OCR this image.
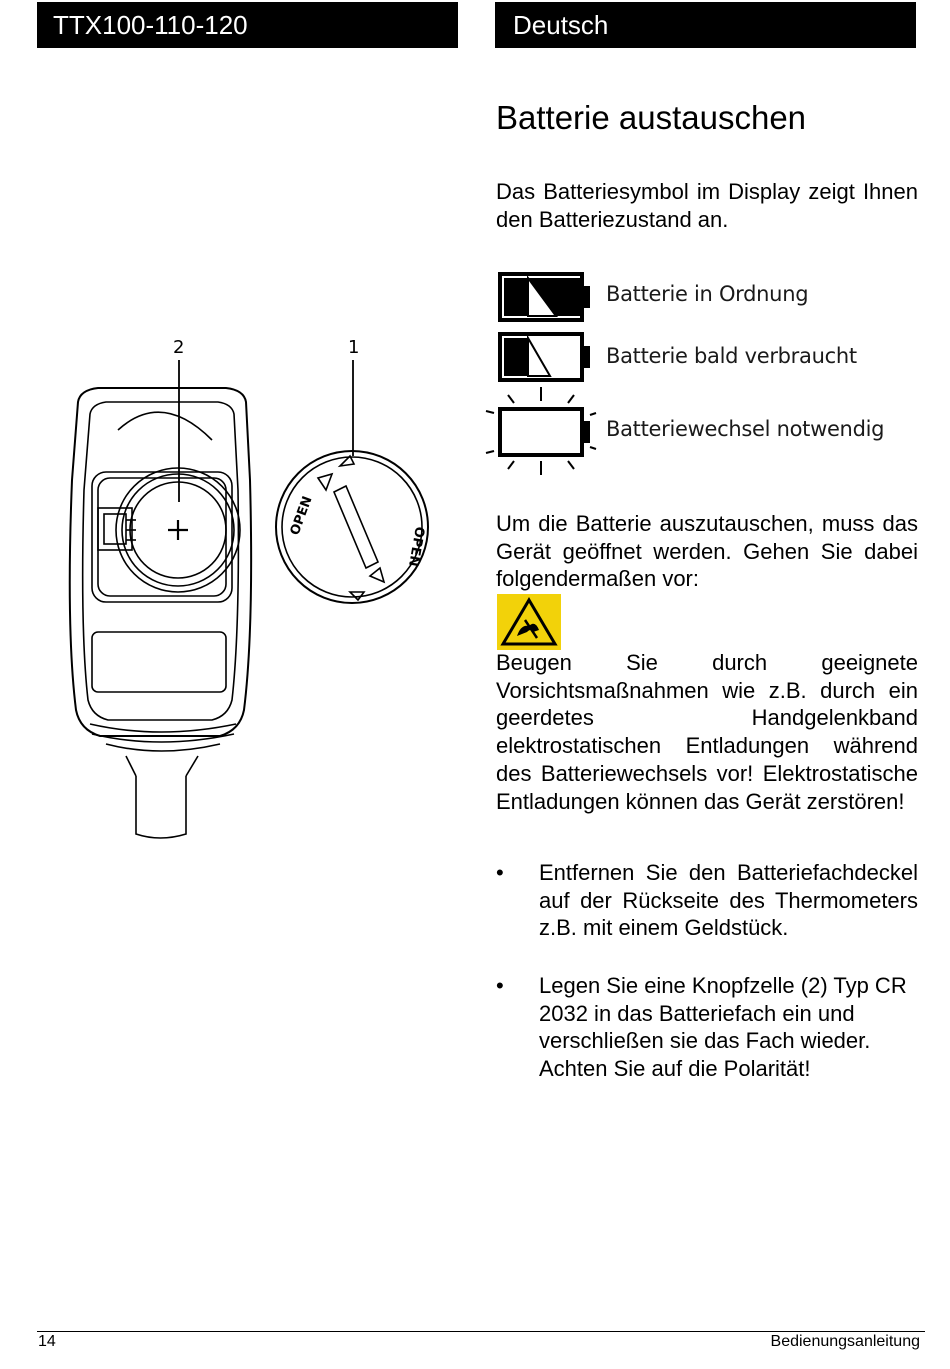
TTX100-110-120	Deutsch
Batterie austauschen
Das Batteriesymbol im Display zeigt Ihnen den Batteriezustand an.
Batterie in Ordnung
Batterie bald verbraucht
Batteriewechsel notwendig
2	1
OPEN
OPEN
Um die Batterie auszutauschen, muss das Gerät geöffnet werden. Gehen Sie dabei folgendermaßen vor:
Beugen Sie durch geeignete Vorsichtsmaßnahmen wie z.B. durch ein geerdetes Handgelenkband elektrostatischen Entladungen während des Batteriewechsels vor! Elektrostatische Entladungen können das Gerät zerstören!
•	Entfernen Sie den Batteriefachdeckel auf der Rückseite des Thermometers z.B. mit einem Geldstück.
•	Legen Sie eine Knopfzelle (2) Typ CR 2032 in das Batteriefach ein und verschließen sie das Fach wieder. Achten Sie auf die Polarität!
14	Bedienungsanleitung
